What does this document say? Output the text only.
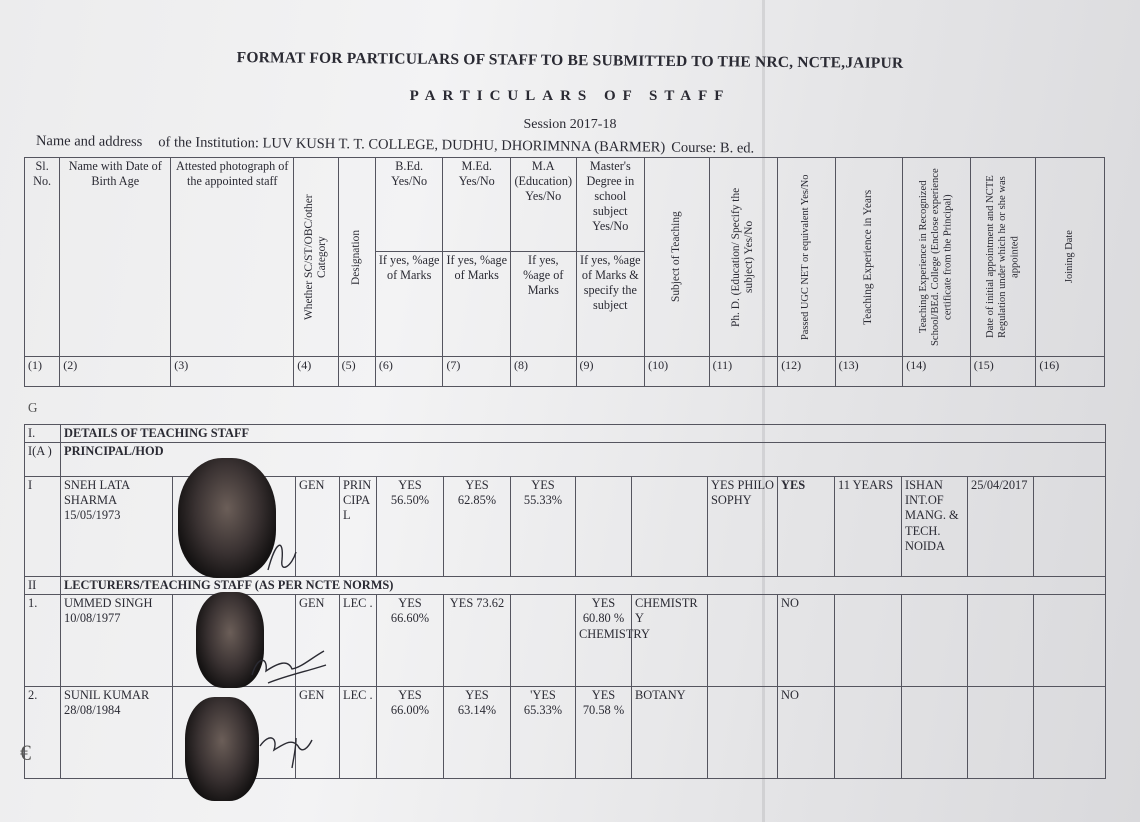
FORMAT FOR PARTICULARS OF STAFF TO BE SUBMITTED TO THE NRC, NCTE,JAIPUR
PARTICULARS OF STAFF
Session 2017-18
Name and address of the Institution: LUV KUSH T. T. COLLEGE, DUDHU, DHORIMNNA (BARMER) Course: B. ed.
Sl. No.	Name with Date of Birth Age	Attested photograph of the appointed staff	Whether SC/ST/OBC/other Category	Designation	B.Ed. Yes/No	M.Ed. Yes/No	M.A (Education) Yes/No	Master's Degree in school subject Yes/No	Subject of Teaching	Ph. D. (Education/ Specify the subject) Yes/No	Passed UGC NET or equivalent Yes/No	Teaching Experience in Years	Teaching Experience in Recognized School/BEd. College (Enclose experience certificate from the Principal)	Date of initial appointment and NCTE Regulation under which he or she was appointed	Joining Date

					If yes, %age of Marks	If yes, %age of Marks	If yes, %age of Marks	If yes, %age of Marks & specify the subject							
(1)	(2)	(3)	(4)	(5)	(6)	(7)	(8)	(9)	(10)	(11)	(12)	(13)	(14)	(15)	(16)
ᴳ
I.	DETAILS OF TEACHING STAFF														
I(A )	PRINCIPAL/HOD														
I	SNEH LATA SHARMA 15/05/1973		GEN	PRINCIPAL	YES 56.50%	YES 62.85%	YES 55.33%			YES PHILOSOPHY	YES	11 YEARS	ISHAN INT.OF MANG. & TECH. NOIDA	25/04/2017	
II	LECTURERS/TEACHING STAFF (AS PER NCTE NORMS)														
1.	UMMED SINGH 10/08/1977		GEN	LEC .	YES 66.60%	YES 73.62		YES 60.80 % CHEMISTRY	CHEMISTRY		NO				
2.	SUNIL KUMAR 28/08/1984		GEN	LEC .	YES 66.00%	YES 63.14%	'YES 65.33%	YES 70.58 %	BOTANY		NO				
€
